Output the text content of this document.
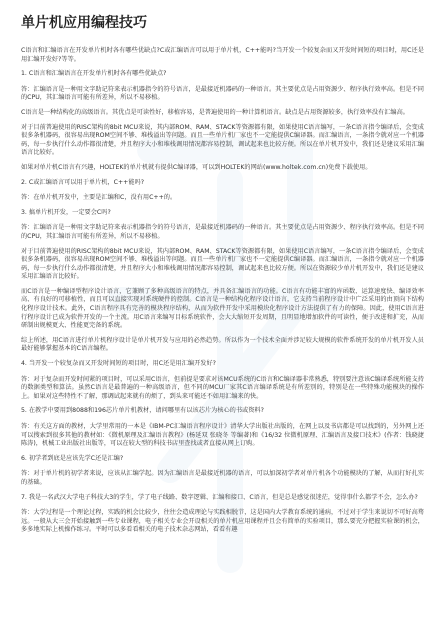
单片机应用编程技巧

C语言和汇编语言在开发单片机时各有哪些优缺点?C或汇编语言可以用于单片机，C++能吗?当开发一个较复杂而又开发时间短的项目时，用C还是用汇编开发好?等等。

1. C语言和汇编语言在开发单片机时各有哪些优缺点?

答：汇编语言是一种用文字助记符来表示机器指令的符号语言，是最接近机器码的一种语言。其主要优点是占用资源少、程序执行效率高。但是不同的CPU，其汇编语言可能有所差异，所以不易移植。

C语言是一种结构化的高级语言。其优点是可读性好，移植容易，是普遍使用的一种计算机语言。缺点是占用资源较多，执行效率没有汇编高。

对于目前普遍使用的RISC架构的8bit MCU来说，其内部ROM、RAM、STACK等资源都有限，如果使用C语言编写，一条C语言指令编译后，会变成很多条机器码，很容易出现ROM空间不够、堆栈溢出等问题。而且一些单片机厂家也不一定能提供C编译器。而汇编语言，一条指令就对应一个机器码，每一步执行什么动作都很清楚，并且程序大小和堆栈调用情况都容易控制，调试起来也比较方便。所以在单片机开发中，我们还是建议采用汇编语言比较好。

如果对单片机C语言有兴趣，HOLTEK的单片机就有提供C编译器，可以到HOLTEK的网站(www.holtek.com.cn)免费下载使用。

2. C或汇编语言可以用于单片机，C++能吗?

答：在单片机开发中，主要是汇编和C，没有用C++的。

3. 搞单片机开发，一定要会C吗?

答：汇编语言是一种用文字助记符来表示机器指令的符号语言，是最接近机器码的一种语言。其主要优点是占用资源少、程序执行效率高。但是不同的CPU，其汇编语言可能有所差异，所以不易移植。

对于目前普遍使用的RISC架构的8bit MCU来说，其内部ROM、RAM、STACK等资源都有限，如果使用C语言编写，一条C语言指令编译后，会变成很多条机器码，很容易出现ROM空间不够、堆栈溢出等问题。而且一些单片机厂家也不一定能提供C编译器。而汇编语言，一条指令就对应一个机器码，每一步执行什么动作都很清楚，并且程序大小和堆栈调用情况都容易控制，调试起来也比较方便。所以在资源较少单片机开发中，我们还是建议采用汇编语言比较好。

而C语言是一种编译型程序设计语言，它兼顾了多种高级语言的特点，并具备汇编语言的功能。C语言有功能丰富的库函数、运算速度快、编译效率高、有良好的可移植性，而且可以直接实现对系统硬件的控制。C语言是一种结构化程序设计语言，它支持当前程序设计中广泛采用的由顶向下结构化程序设计技术。此外，C语言程序具有完善的模块程序结构，从而为软件开发中采用模块化程序设计方法提供了有力的保障。因此，使用C语言进行程序设计已成为软件开发的一个主流。用C语言来编写目标系统软件，会大大缩短开发周期，且明显地增加软件的可读性，便于改进和扩充，从而研制出规模更大、性能更完备的系统。

综上所述，用C语言进行单片机程序设计是单片机开发与应用的必然趋势。所以作为一个技术全面并涉足较大规模的软件系统开发的单片机开发人员最好能够掌握基本的C语言编程。

4. 当开发一个较复杂而又开发时间短的项目时，用C还是用汇编开发好?

答：对于复杂而开发时间紧的项目时，可以采用C语言，但前提是要求对该MCU系统的C语言和C编译器非常熟悉，特别要注意该C编译系统所能支持的数据类型和算法。虽然C语言是最普遍的一种高级语言，但不同的MCU厂家其C语言编译系统是有所差别的，特别是在一些特殊功能模块的操作上。如果对这些特性不了解，那调试起来就有的烦了，到头来可能还不如用汇编来的快。

5. 在教学中要用到8088和196芯片单片机教材，请问哪里有以该芯片为核心的书或资料?

答：有关这方面的教材，大学里常用的一本是《IBM-PC汇编语言程序设计》清华大学出版社出版的，在网上以及书店都是可以找到的，另外网上还可以搜索到很多其他的教材如：《微机原理及汇编语言教程》(杨延双 张晓冬 等编著)和《16/32 位微机原理、汇编语言及接口技术》(作者：钱晓捷 陈涛)，机械工业出版社出版等，可以在较大型的科技书店里查找或者直接从网上订购。

6. 初学者到底是应该先学C还是汇编?

答：对于单片机的初学者来说，应该从汇编学起。因为汇编语言是最接近机器的语言，可以加深初学者对单片机各个功能模块的了解，从而打好扎实的基础。

7. 我是一名武汉大学电子科技大3的学生，学了电子线路、数字逻辑、汇编和接口、C语言，但是总是感觉很迷茫，觉得事什么都学不会，怎么办?

答：大学过程是一个理论过程，实践的机会比较少，往往会造成理论与实践相脱节，这是国内大学教育系统的通病，不过对于学生来说切不可好高骛远。一般从大三会开始接触到一些专业课程，电子相关专业会开设相关的单片机应用课程并且会有简单的实验项目，那么要充分把握实验课的机会，多多地实际上机操作练习。平时可以多看看相关的电子技术杂志网站，看看有趣
